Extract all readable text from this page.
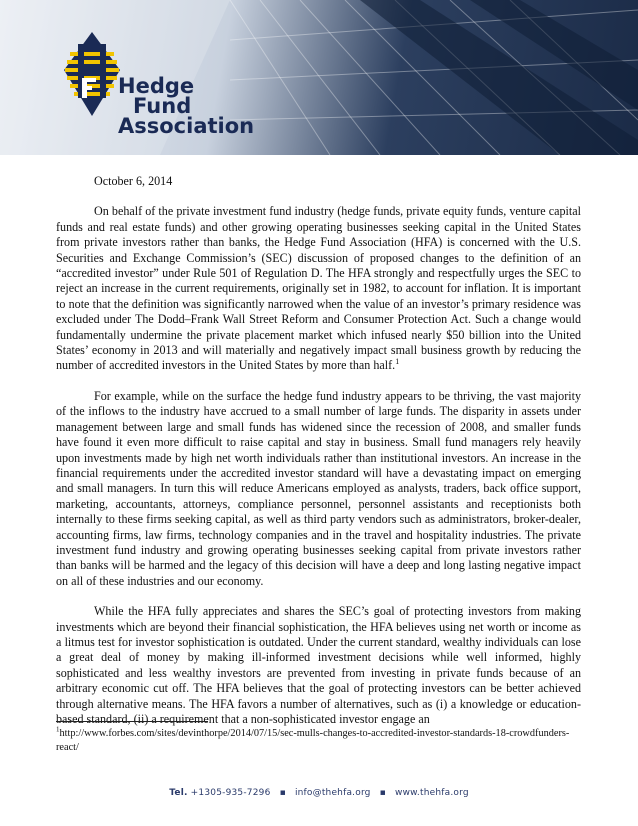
Hedge
Fund
Association

October 6, 2014

On behalf of the private investment fund industry (hedge funds, private equity funds, venture capital funds and real estate funds) and other growing operating businesses seeking capital in the United States from private investors rather than banks, the Hedge Fund Association (HFA) is concerned with the U.S. Securities and Exchange Commission’s (SEC) discussion of proposed changes to the definition of an “accredited investor” under Rule 501 of Regulation D. The HFA strongly and respectfully urges the SEC to reject an increase in the current requirements, originally set in 1982, to account for inflation. It is important to note that the definition was significantly narrowed when the value of an investor’s primary residence was excluded under The Dodd–Frank Wall Street Reform and Consumer Protection Act. Such a change would fundamentally undermine the private placement market which infused nearly $50 billion into the United States’ economy in 2013 and will materially and negatively impact small business growth by reducing the number of accredited investors in the United States by more than half.$^1$

For example, while on the surface the hedge fund industry appears to be thriving, the vast majority of the inflows to the industry have accrued to a small number of large funds. The disparity in assets under management between large and small funds has widened since the recession of 2008, and smaller funds have found it even more difficult to raise capital and stay in business. Small fund managers rely heavily upon investments made by high net worth individuals rather than institutional investors. An increase in the financial requirements under the accredited investor standard will have a devastating impact on emerging and small managers. In turn this will reduce Americans employed as analysts, traders, back office support, marketing, accountants, attorneys, compliance personnel, personnel assistants and receptionists both internally to these firms seeking capital, as well as third party vendors such as administrators, broker-dealer, accounting firms, law firms, technology companies and in the travel and hospitality industries. The private investment fund industry and growing operating businesses seeking capital from private investors rather than banks will be harmed and the legacy of this decision will have a deep and long lasting negative impact on all of these industries and our economy.

While the HFA fully appreciates and shares the SEC’s goal of protecting investors from making investments which are beyond their financial sophistication, the HFA believes using net worth or income as a litmus test for investor sophistication is outdated. Under the current standard, wealthy individuals can lose a great deal of money by making ill-informed investment decisions while well informed, highly sophisticated and less wealthy investors are prevented from investing in private funds because of an arbitrary economic cut off. The HFA believes that the goal of protecting investors can be better achieved through alternative means. The HFA favors a number of alternatives, such as (i) a knowledge or education-based standard, (ii) a requirement that a non-sophisticated investor engage an

$^1$http://www.forbes.com/sites/devinthorpe/2014/07/15/sec-mulls-changes-to-accredited-investor-standards-18-crowdfunders-react/
Tel. +1305-935-7296 ▪ info@thehfa.org ▪ www.thehfa.org
